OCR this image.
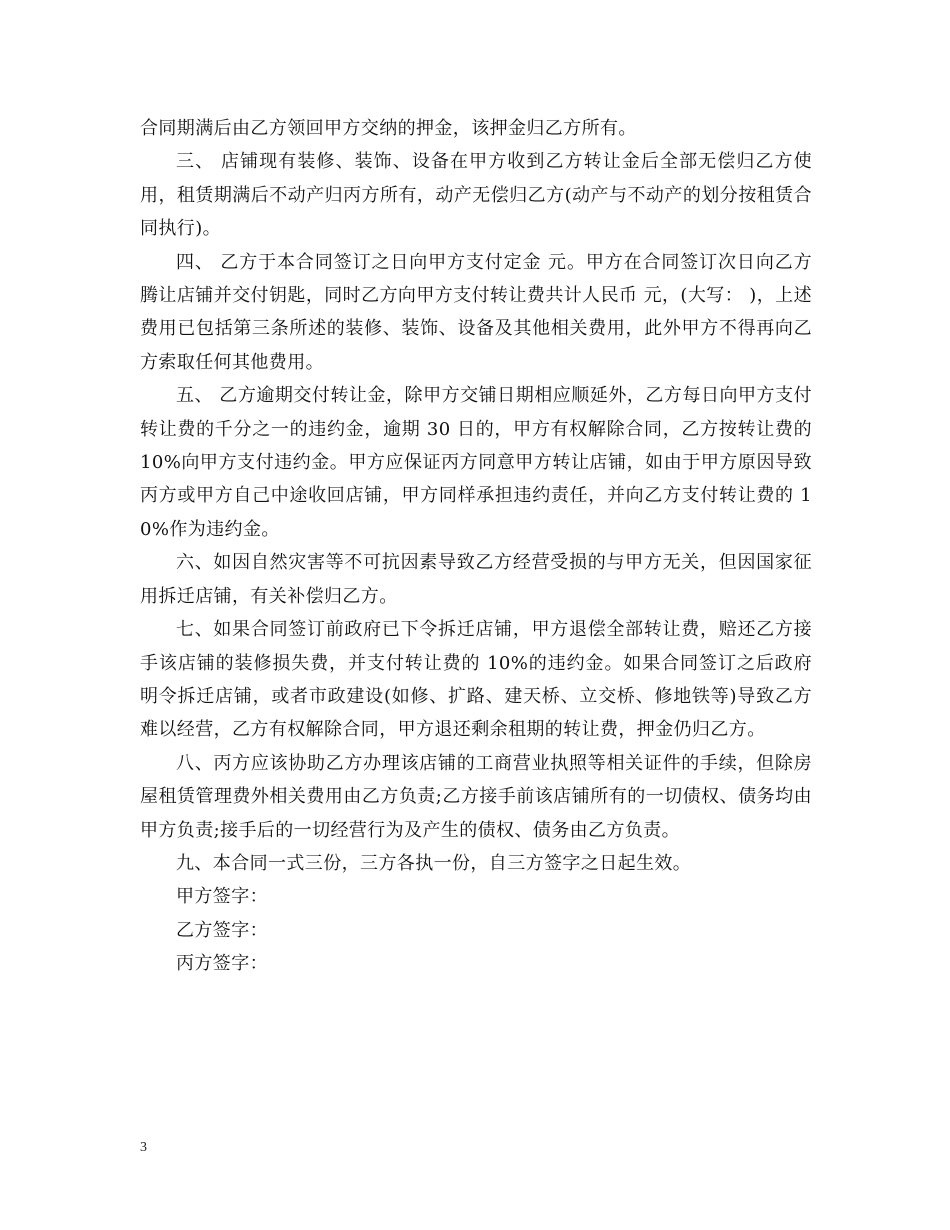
合同期满后由乙方领回甲方交纳的押金，该押金归乙方所有。

三、 店铺现有装修、装饰、设备在甲方收到乙方转让金后全部无偿归乙方使用，租赁期满后不动产归丙方所有，动产无偿归乙方(动产与不动产的划分按租赁合同执行)。

四、 乙方于本合同签订之日向甲方支付定金 元。甲方在合同签订次日向乙方腾让店铺并交付钥匙，同时乙方向甲方支付转让费共计人民币 元，(大写： )，上述费用已包括第三条所述的装修、装饰、设备及其他相关费用，此外甲方不得再向乙方索取任何其他费用。

五、 乙方逾期交付转让金，除甲方交铺日期相应顺延外，乙方每日向甲方支付转让费的千分之一的违约金，逾期 30 日的，甲方有权解除合同，乙方按转让费的 10%向甲方支付违约金。甲方应保证丙方同意甲方转让店铺，如由于甲方原因导致丙方或甲方自己中途收回店铺，甲方同样承担违约责任，并向乙方支付转让费的 10%作为违约金。

六、如因自然灾害等不可抗因素导致乙方经营受损的与甲方无关，但因国家征用拆迁店铺，有关补偿归乙方。

七、如果合同签订前政府已下令拆迁店铺，甲方退偿全部转让费，赔还乙方接手该店铺的装修损失费，并支付转让费的 10%的违约金。如果合同签订之后政府明令拆迁店铺，或者市政建设(如修、扩路、建天桥、立交桥、修地铁等)导致乙方难以经营，乙方有权解除合同，甲方退还剩余租期的转让费，押金仍归乙方。

八、丙方应该协助乙方办理该店铺的工商营业执照等相关证件的手续，但除房屋租赁管理费外相关费用由乙方负责;乙方接手前该店铺所有的一切债权、债务均由甲方负责;接手后的一切经营行为及产生的债权、债务由乙方负责。

九、本合同一式三份，三方各执一份，自三方签字之日起生效。

甲方签字：

乙方签字：

丙方签字：

3
